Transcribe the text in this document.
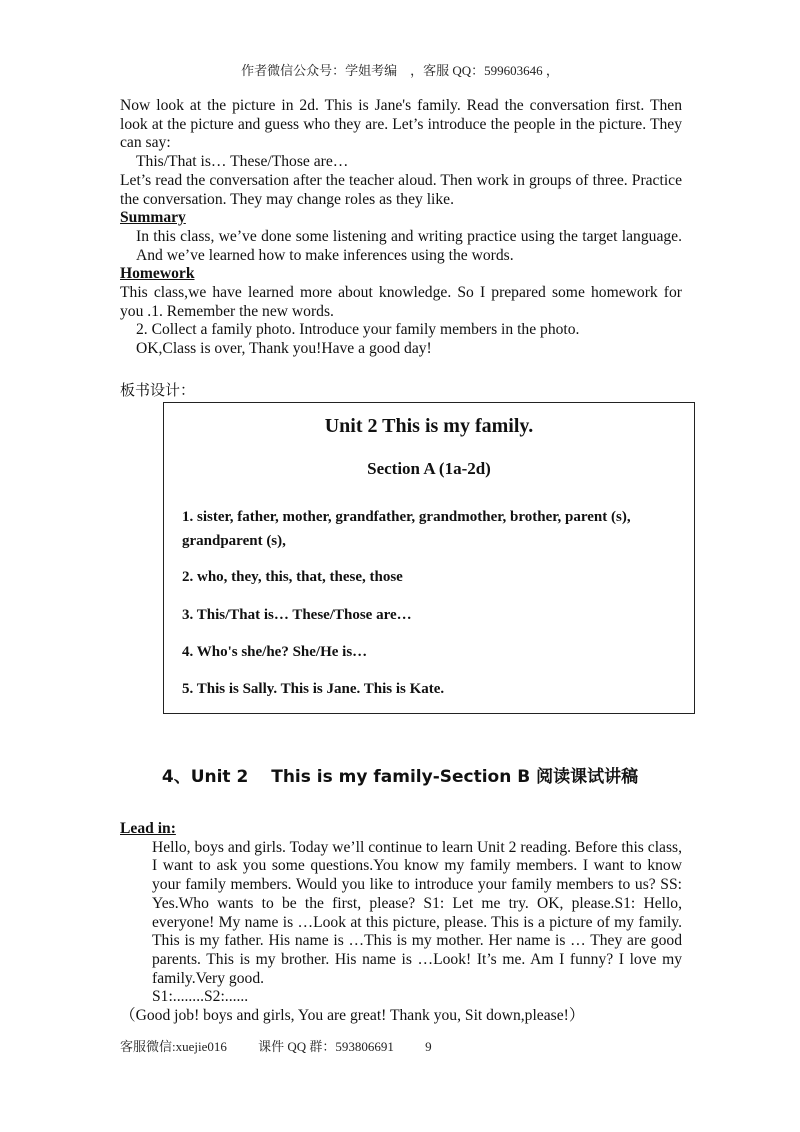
作者微信公众号：学姐考编　，客服 QQ：599603646 ，

Now look at the picture in 2d. This is Jane's family. Read the conversation first. Then look at the picture and guess who they are. Let’s introduce the people in the picture. They can say:

This/That is… These/Those are…

Let’s read the conversation after the teacher aloud. Then work in groups of three. Practice the conversation. They may change roles as they like.

Summary

In this class, we’ve done some listening and writing practice using the target language. And we’ve learned how to make inferences using the words.

Homework

This class,we have learned more about knowledge. So I prepared some homework for you .1. Remember the new words.

2. Collect a family photo. Introduce your family members in the photo.

OK,Class is over, Thank you!Have a good day!

板书设计：
Unit 2 This is my family.
Section A (1a-2d)
1. sister, father, mother, grandfather, grandmother, brother, parent (s), grandparent (s),
2. who, they, this, that, these, those
3. This/That is… These/Those are…
4. Who's she/he? She/He is…
5. This is Sally. This is Jane. This is Kate.
4、Unit 2　 This is my family-Section B 阅读课试讲稿

Lead in:

Hello, boys and girls. Today we’ll continue to learn Unit 2 reading. Before this class, I want to ask you some questions.You know my family members. I want to know your family members. Would you like to introduce your family members to us? SS: Yes.Who wants to be the first, please? S1: Let me try. OK, please.S1: Hello, everyone! My name is …Look at this picture, please. This is a picture of my family. This is my father. His name is …This is my mother. Her name is … They are good parents. This is my brother. His name is …Look! It’s me. Am I funny? I love my family.Very good.

S1:........S2:......

（Good job! boys and girls, You are great! Thank you, Sit down,please!）

客服微信:xuejie016 课件 QQ 群：593806691 9
